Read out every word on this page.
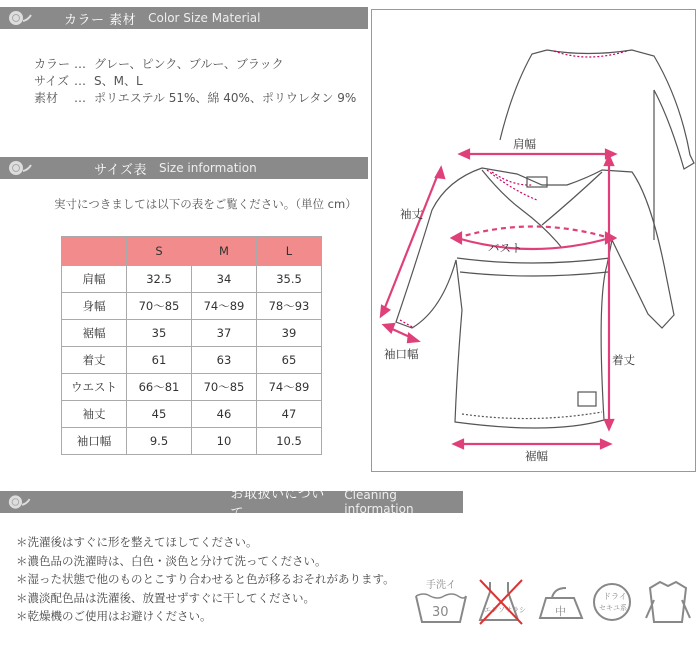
カラー 素材 Color Size Material
カラー … グレー、ピンク、ブルー、ブラック
サイズ … S、M、L
素材	… ポリエステル 51%、綿 40%、ポリウレタン 9%
サイズ表 Size information
実寸につきましては以下の表をご覧ください。（単位 cm）
	S	M	L
肩幅	32.5	34	35.5
身幅	70〜85	74〜89	78〜93
裾幅	35	37	39
着丈	61	63	65
ウエスト	66〜81	70〜85	74〜89
袖丈	45	46	47
袖口幅	9.5	10	10.5
肩幅
袖丈
バスト
袖口幅	着丈
裾幅
お取扱いについて
Cleaning information
＊ 洗濯後はすぐに形を整えてほしてください。
＊ 濃色品の洗濯時は、白色・淡色と分けて洗ってください。
＊ 湿った状態で他のものとこすり合わせると色が移るおそれがあります。
＊ 濃淡配色品は洗濯後、放置せずすぐに干してください。
＊ 乾燥機のご使用はお避けください。
手洗イ
30	エンソサラシ	中
ドライ
セキユ系
